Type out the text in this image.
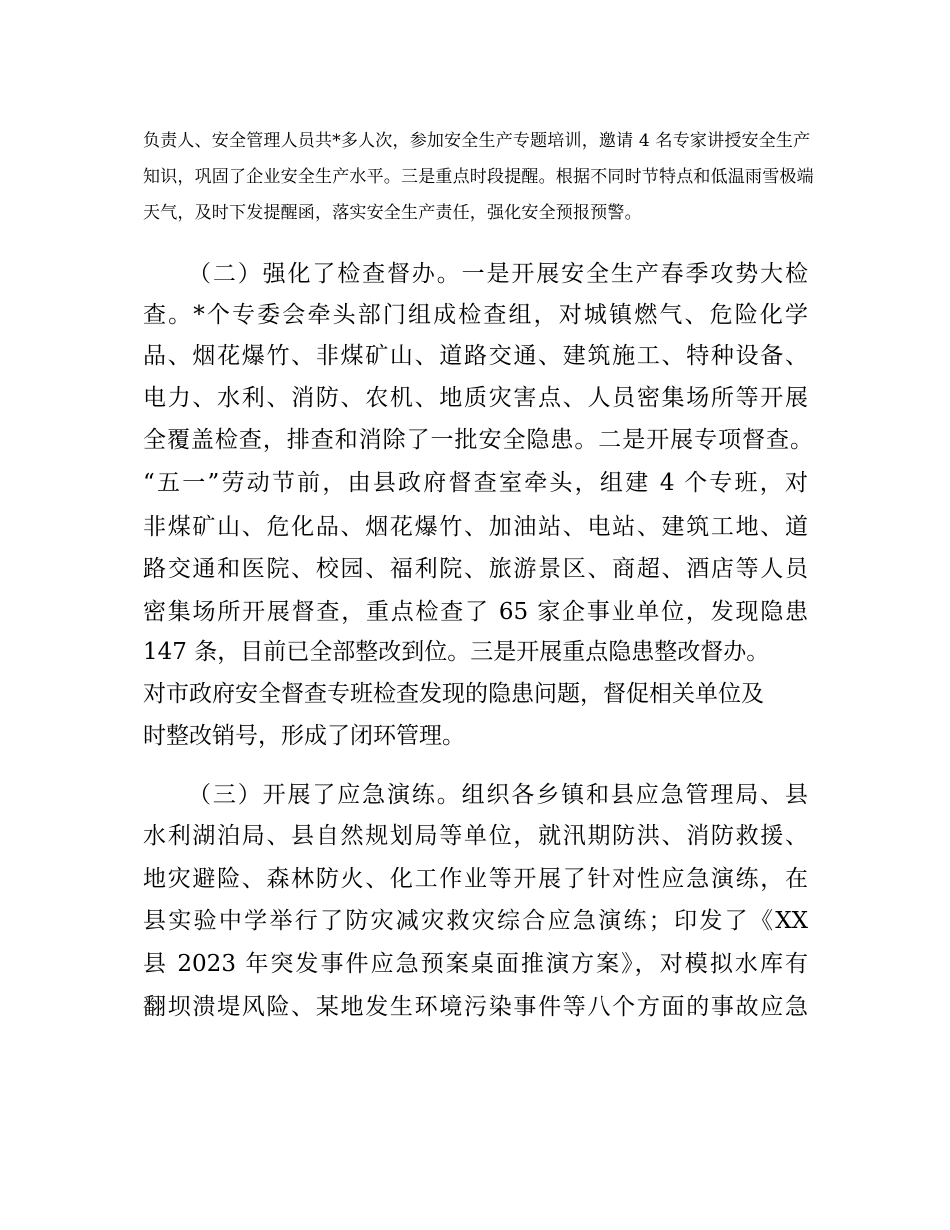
负责人、安全管理人员共*多人次，参加安全生产专题培训，邀请 4 名专家讲授安全生产
知识，巩固了企业安全生产水平。三是重点时段提醒。根据不同时节特点和低温雨雪极端
天气，及时下发提醒函，落实安全生产责任，强化安全预报预警。
（二）强化了检查督办。一是开展安全生产春季攻势大检
查。*个专委会牵头部门组成检查组，对城镇燃气、危险化学
品、烟花爆竹、非煤矿山、道路交通、建筑施工、特种设备、
电力、水利、消防、农机、地质灾害点、人员密集场所等开展
全覆盖检查，排查和消除了一批安全隐患。二是开展专项督查。
“五一”劳动节前，由县政府督查室牵头，组建 4 个专班，对
非煤矿山、危化品、烟花爆竹、加油站、电站、建筑工地、道
路交通和医院、校园、福利院、旅游景区、商超、酒店等人员
密集场所开展督查，重点检查了 65 家企事业单位，发现隐患
147 条，目前已全部整改到位。三是开展重点隐患整改督办。
对市政府安全督查专班检查发现的隐患问题，督促相关单位及
时整改销号，形成了闭环管理。
（三）开展了应急演练。组织各乡镇和县应急管理局、县
水利湖泊局、县自然规划局等单位，就汛期防洪、消防救援、
地灾避险、森林防火、化工作业等开展了针对性应急演练，在
县实验中学举行了防灾减灾救灾综合应急演练；印发了《XX
县 2023 年突发事件应急预案桌面推演方案》，对模拟水库有
翻坝溃堤风险、某地发生环境污染事件等八个方面的事故应急
